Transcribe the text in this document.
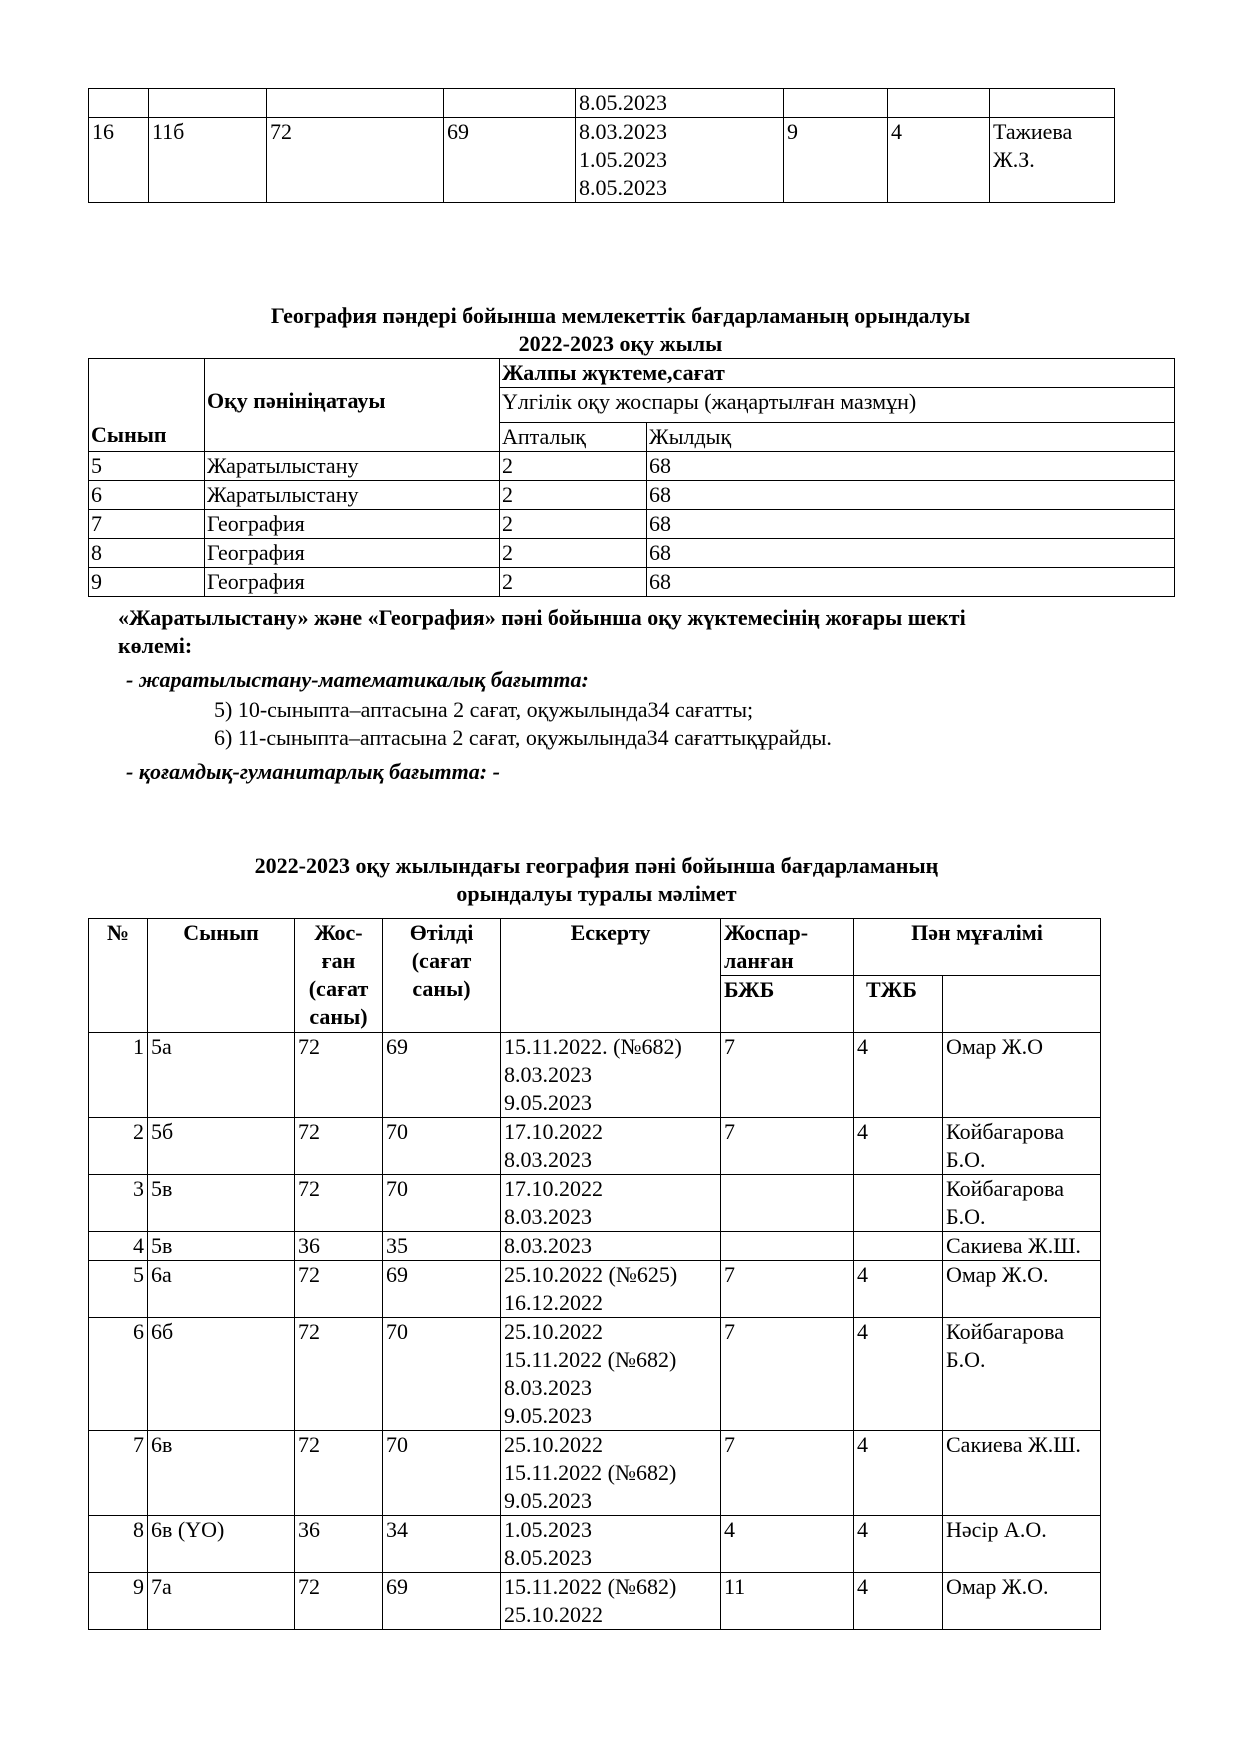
				8.05.2023			

16	11б	72	69	8.03.2023
1.05.2023
8.05.2023	9	4	Тажиева
Ж.З.
География пәндері бойынша мемлекеттік бағдарламаның орындалуы
2022-2023 оқу жылы
Сынып	Оқу пәнініңатауы	Жалпы жүктеме,сағат	
		Үлгілік оқу жоспары (жаңартылған мазмұн)	
		Апталық	Жылдық
5	Жаратылыстану	2	68
6	Жаратылыстану	2	68
7	География	2	68
8	География	2	68
9	География	2	68
«Жаратылыстану» және «География» пәні бойынша оқу жүктемесінің жоғары шекті
көлемі:
- жаратылыстану-математикалық бағытта:
5) 10-сыныпта–аптасына 2 сағат, оқужылында34 сағатты;
6) 11-сыныпта–аптасына 2 сағат, оқужылында34 сағаттықұрайды.
- қоғамдық-гуманитарлық бағытта: -
2022-2023 оқу жылындағы география пәні бойынша бағдарламаның
орындалуы туралы мәлімет
№	Сынып	Жос-
ған
(сағат
саны)	Өтілді
(сағат
саны)	Ескерту	Жоспар-
ланған	Пән мұғалімі	
					БЖБ	ТЖБ	
1	5а	72	69	15.11.2022. (№682)
8.03.2023
9.05.2023	7	4	Омар Ж.О

2	5б	72	70	17.10.2022
8.03.2023	7	4	Койбагарова
Б.О.

3	5в	72	70	17.10.2022
8.03.2023			Койбагарова
Б.О.

4	5в	36	35	8.03.2023			Сакиева Ж.Ш.

5	6а	72	69	25.10.2022 (№625)
16.12.2022	7	4	Омар Ж.О.

6	6б	72	70	25.10.2022
15.11.2022 (№682)
8.03.2023
9.05.2023	7	4	Койбагарова
Б.О.

7	6в	72	70	25.10.2022
15.11.2022 (№682)
9.05.2023	7	4	Сакиева Ж.Ш.

8	6в (ҮО)	36	34	1.05.2023
8.05.2023	4	4	Нәсір А.О.

9	7а	72	69	15.11.2022 (№682)
25.10.2022	11	4	Омар Ж.О.
